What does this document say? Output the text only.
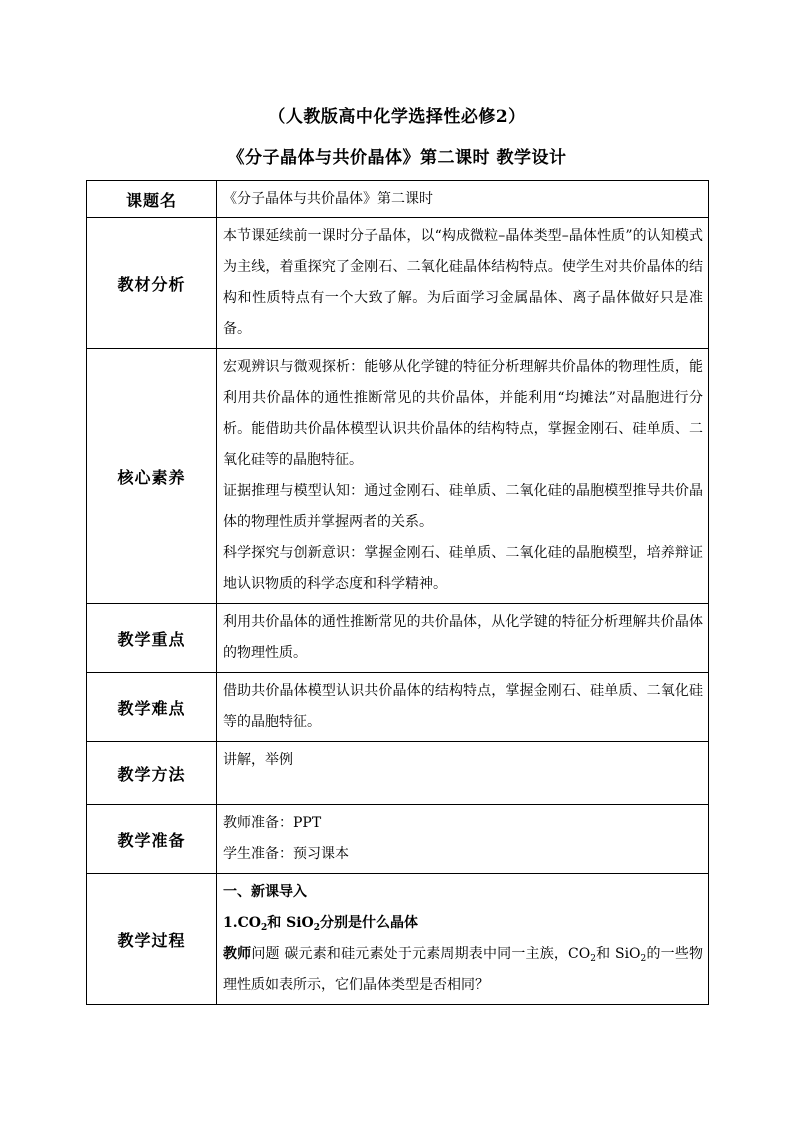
（人教版高中化学选择性必修2）
《分子晶体与共价晶体》第二课时 教学设计
课题名	《分子晶体与共价晶体》第二课时
教材分析	本节课延续前一课时分子晶体，以“构成微粒–晶体类型–晶体性质”的认知模式为主线，着重探究了金刚石、二氧化硅晶体结构特点。使学生对共价晶体的结构和性质特点有一个大致了解。为后面学习金属晶体、离子晶体做好只是准备。

核心素养	宏观辨识与微观探析：能够从化学键的特征分析理解共价晶体的物理性质，能利用共价晶体的通性推断常见的共价晶体，并能利用“均摊法”对晶胞进行分析。能借助共价晶体模型认识共价晶体的结构特点，掌握金刚石、硅单质、二氧化硅等的晶胞特征。

证据推理与模型认知：通过金刚石、硅单质、二氧化硅的晶胞模型推导共价晶体的物理性质并掌握两者的关系。

科学探究与创新意识：掌握金刚石、硅单质、二氧化硅的晶胞模型，培养辩证地认识物质的科学态度和科学精神。

教学重点	利用共价晶体的通性推断常见的共价晶体，从化学键的特征分析理解共价晶体的物理性质。

教学难点	借助共价晶体模型认识共价晶体的结构特点，掌握金刚石、硅单质、二氧化硅等的晶胞特征。

教学方法	讲解，举例

教学准备	教师准备：PPT

学生准备：预习课本

教学过程	一、新课导入

$1.CO_2$和 SiO$_2$分别是什么晶体

教师问题 碳元素和硅元素处于元素周期表中同一主族，$CO_2$和 SiO$_2$的一些物理性质如表所示，它们晶体类型是否相同？
